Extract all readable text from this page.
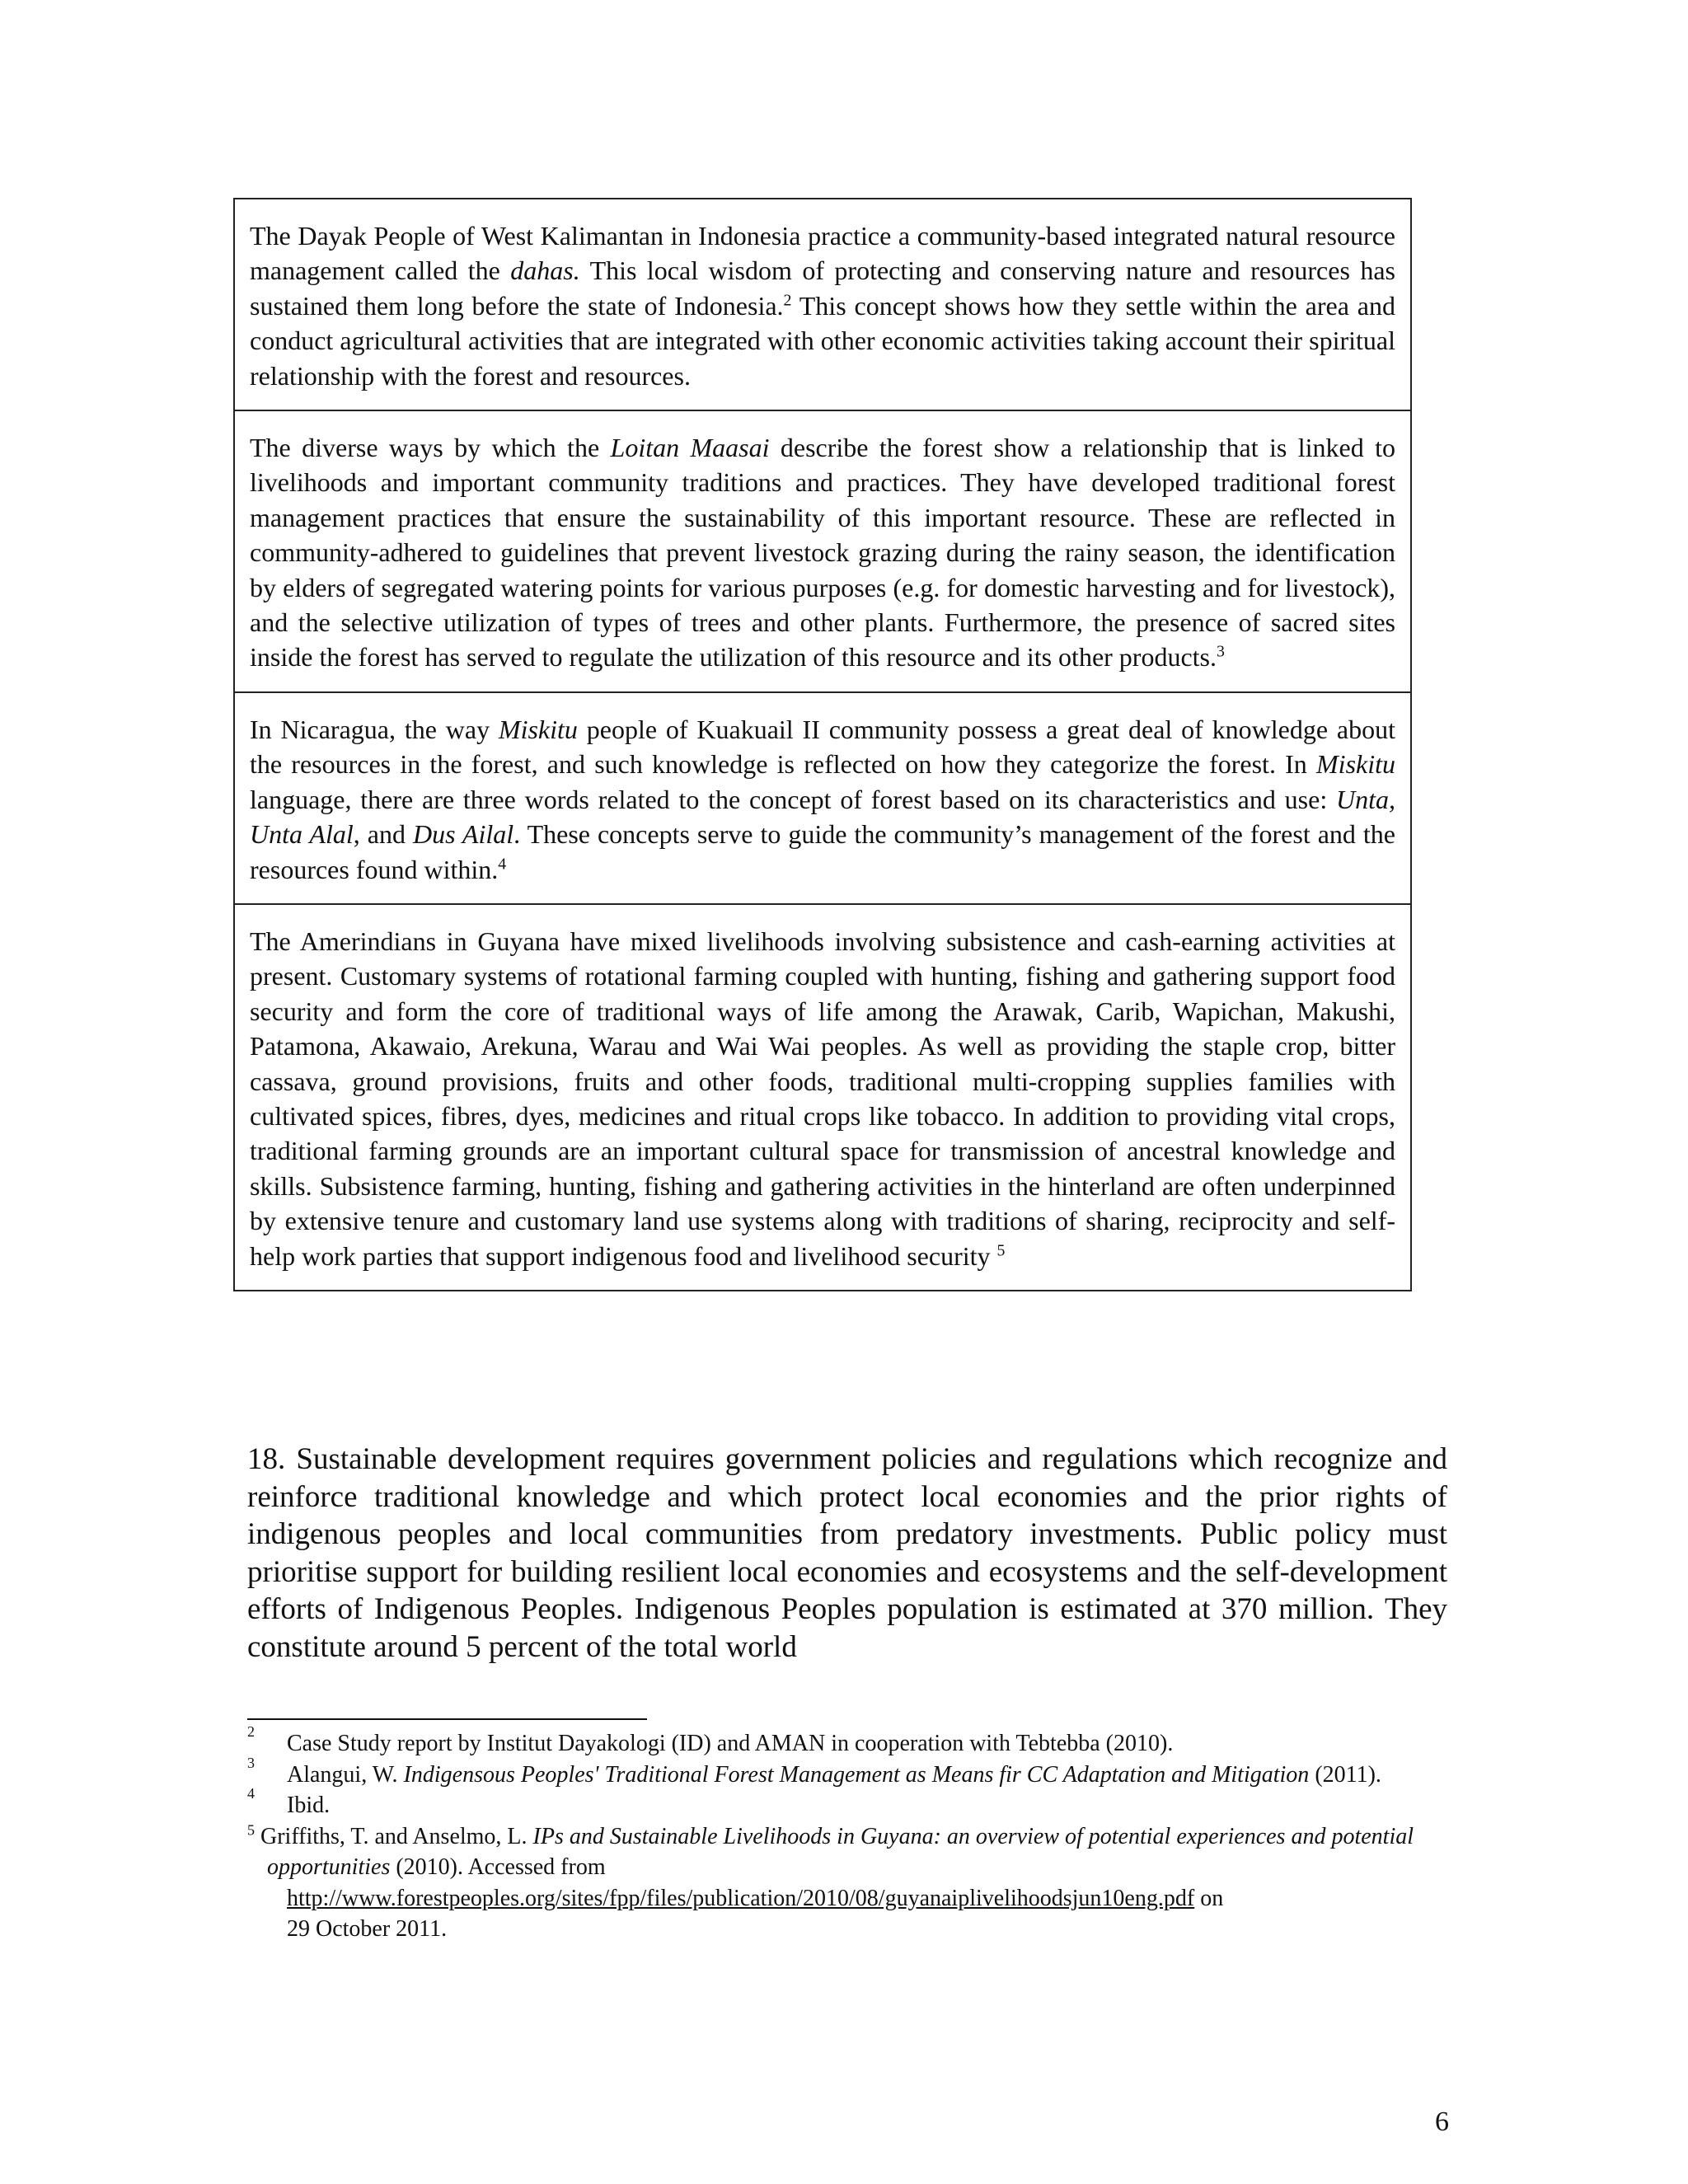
The Dayak People of West Kalimantan in Indonesia practice a community-based integrated natural resource management called the dahas. This local wisdom of protecting and conserving nature and resources has sustained them long before the state of Indonesia.$^2$ This concept shows how they settle within the area and conduct agricultural activities that are integrated with other economic activities taking account their spiritual relationship with the forest and resources.

The diverse ways by which the Loitan Maasai describe the forest show a relationship that is linked to livelihoods and important community traditions and practices. They have developed traditional forest management practices that ensure the sustainability of this important resource. These are reflected in community-adhered to guidelines that prevent livestock grazing during the rainy season, the identification by elders of segregated watering points for various purposes (e.g. for domestic harvesting and for livestock), and the selective utilization of types of trees and other plants. Furthermore, the presence of sacred sites inside the forest has served to regulate the utilization of this resource and its other products.$^3$

In Nicaragua, the way Miskitu people of Kuakuail II community possess a great deal of knowledge about the resources in the forest, and such knowledge is reflected on how they categorize the forest. In Miskitu language, there are three words related to the concept of forest based on its characteristics and use: Unta, Unta Alal, and Dus Ailal. These concepts serve to guide the community’s management of the forest and the resources found within.$^4$

The Amerindians in Guyana have mixed livelihoods involving subsistence and cash-earning activities at present. Customary systems of rotational farming coupled with hunting, fishing and gathering support food security and form the core of traditional ways of life among the Arawak, Carib, Wapichan, Makushi, Patamona, Akawaio, Arekuna, Warau and Wai Wai peoples. As well as providing the staple crop, bitter cassava, ground provisions, fruits and other foods, traditional multi-cropping supplies families with cultivated spices, fibres, dyes, medicines and ritual crops like tobacco. In addition to providing vital crops, traditional farming grounds are an important cultural space for transmission of ancestral knowledge and skills. Subsistence farming, hunting, fishing and gathering activities in the hinterland are often underpinned by extensive tenure and customary land use systems along with traditions of sharing, reciprocity and self-help work parties that support indigenous food and livelihood security $^5$

18. Sustainable development requires government policies and regulations which recognize and reinforce traditional knowledge and which protect local economies and the prior rights of indigenous peoples and local communities from predatory investments. Public policy must prioritise support for building resilient local economies and ecosystems and the self-development efforts of Indigenous Peoples. Indigenous Peoples population is estimated at 370 million. They constitute around 5 percent of the total world

2 Case Study report by Institut Dayakologi (ID) and AMAN in cooperation with Tebtebba (2010).
3 Alangui, W. Indigensous Peoples' Traditional Forest Management as Means fir CC Adaptation and Mitigation (2011).
4 Ibid.
$^5$ Griffiths, T. and Anselmo, L. IPs and Sustainable Livelihoods in Guyana: an overview of potential experiences and potential opportunities (2010). Accessed from
http://www.forestpeoples.org/sites/fpp/files/publication/2010/08/guyanaiplivelihoodsjun10eng.pdf on
29 October 2011.
6
